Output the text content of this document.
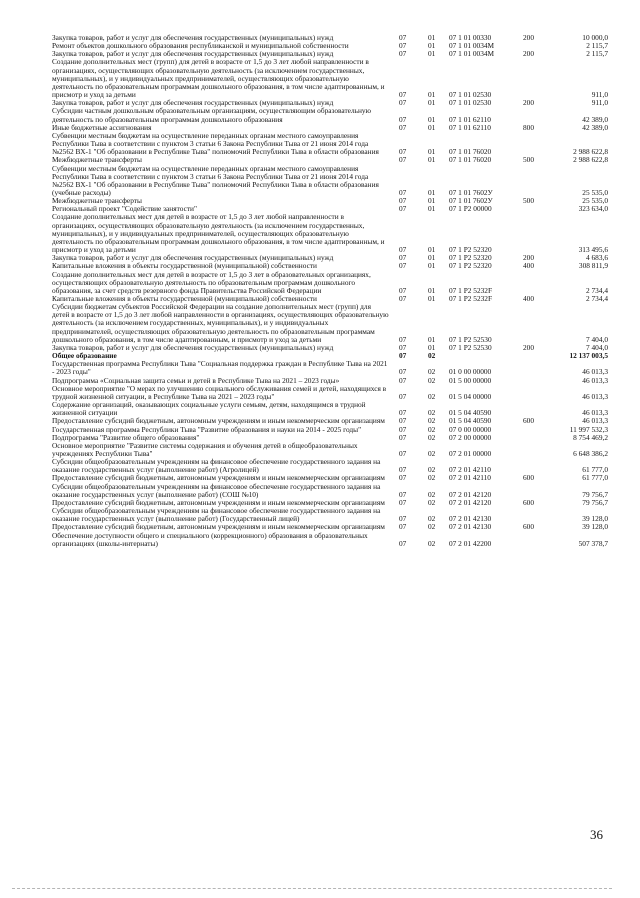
Закупка товаров, работ и услуг для обеспечения государственных (муниципальных) нужд	07	01 07 1 01 00330	200	10 000,0
Ремонт объектов дошкольного образования республиканской и муниципальной собственности	07	01 07 1 01 0034М	2 115,7
Закупка товаров, работ и услуг для обеспечения государственных (муниципальных) нужд	07	01 07 1 01 0034М	200	2 115,7
Создание дополнительных мест (групп) для детей в возрасте от 1,5 до 3 лет любой направленности в организациях, осуществляющих образовательную деятельность (за исключением государственных, муниципальных), и у индивидуальных предпринимателей, осуществляющих образовательную деятельность по образовательным программам дошкольного образования, в том числе адаптированным, и присмотр и уход за детьми	07	01 07 1 01 02530	911,0
Закупка товаров, работ и услуг для обеспечения государственных (муниципальных) нужд	07	01 07 1 01 02530	200	911,0
Субсидии частным дошкольным образовательным организациям, осуществляющим образовательную деятельность по образовательным программам дошкольного образования	07	01 07 1 01 62110	42 389,0
Иные бюджетные ассигнования	07	01 07 1 01 62110	800	42 389,0
Субвенции местным бюджетам на осуществление переданных органам местного самоуправления Республики Тыва в соответствии с пунктом 3 статьи 6 Закона Республики Тыва от 21 июня 2014 года №2562 ВХ-1 "Об образовании в Республике Тыва" полномочий Республики Тыва в области образования	07	01 07 1 01 76020	2 988 622,8
Межбюджетные трансферты	07	01 07 1 01 76020	500	2 988 622,8
Субвенции местным бюджетам на осуществление переданных органам местного самоуправления Республики Тыва в соответствии с пунктом 3 статьи 6 Закона Республики Тыва от 21 июня 2014 года №2562 ВХ-1 "Об образовании в Республике Тыва" полномочий Республики Тыва в области образования (учебные расходы)	07	01 07 1 01 7602У	25 535,0
Межбюджетные трансферты	07	01 07 1 01 7602У	500	25 535,0
Региональный проект "Содействие занятости"	07	01 07 1 P2 00000	323 634,0
Создание дополнительных мест для детей в возрасте от 1,5 до 3 лет любой направленности в организациях, осуществляющих образовательную деятельность (за исключением государственных, муниципальных), и у индивидуальных предпринимателей, осуществляющих образовательную деятельность по образовательным программам дошкольного образования, в том числе адаптированным, и присмотр и уход за детьми	07	01 07 1 P2 52320	313 495,6
Закупка товаров, работ и услуг для обеспечения государственных (муниципальных) нужд	07	01 07 1 P2 52320	200	4 683,6
Капитальные вложения в объекты государственной (муниципальной) собственности	07	01 07 1 P2 52320	400	308 811,9
Создание дополнительных мест для детей в возрасте от 1,5 до 3 лет в образовательных организациях, осуществляющих образовательную деятельность по образовательным программам дошкольного образования, за счет средств резервного фонда Правительства Российской Федерации	07	01 07 1 P2 5232F	2 734,4
Капитальные вложения в объекты государственной (муниципальной) собственности	07	01 07 1 P2 5232F	400	2 734,4
Субсидии бюджетам субъектов Российской Федерации на создание дополнительных мест (групп) для детей в возрасте от 1,5 до 3 лет любой направленности в организациях, осуществляющих образовательную деятельность (за исключением государственных, муниципальных), и у индивидуальных предпринимателей, осуществляющих образовательную деятельность по образовательным программам дошкольного образования, в том числе адаптированным, и присмотр и уход за детьми	07	01 07 1 P2 52530	7 404,0
Закупка товаров, работ и услуг для обеспечения государственных (муниципальных) нужд	07	01 07 1 P2 52530	200	7 404,0
Общее образование	07	02	12 137 003,5
Государственная программа Республики Тыва "Социальная поддержка граждан в Республике Тыва на 2021 - 2023 годы"	07	02 01 0 00 00000	46 013,3
Подпрограмма «Социальная защита семьи и детей в Республике Тыва на 2021 – 2023 годы»	07	02 01 5 00 00000	46 013,3
Основное мероприятие "О мерах по улучшению социального обслуживания семей и детей, находящихся в трудной жизненной ситуации, в Республике Тыва на 2021 – 2023 годы"	07	02 01 5 04 00000	46 013,3
Содержание организаций, оказывающих социальные услуги семьям, детям, находящимся в трудной жизненной ситуации	07	02 01 5 04 40590	46 013,3
Предоставление субсидий бюджетным, автономным учреждениям и иным некоммерческим организациям	07	02 01 5 04 40590	600	46 013,3
Государственная программа Республики Тыва "Развитие образования и науки на 2014 - 2025 годы"	07	02 07 0 00 00000	11 997 532,3
Подпрограмма "Развитие общего образования"	07	02 07 2 00 00000	8 754 469,2
Основное мероприятие "Развитие системы содержания и обучения детей в общеобразовательных учреждениях Республики Тыва"	07	02 07 2 01 00000	6 648 386,2
Субсидии общеобразовательным учреждениям на финансовое обеспечение государственного задания на оказание государственных услуг (выполнение работ) (Агролицей)	07	02 07 2 01 42110	61 777,0
Предоставление субсидий бюджетным, автономным учреждениям и иным некоммерческим организациям	07	02 07 2 01 42110	600	61 777,0
Субсидии общеобразовательным учреждениям на финансовое обеспечение государственного задания на оказание государственных услуг (выполнение работ) (СОШ №10)	07	02 07 2 01 42120	79 756,7
Предоставление субсидий бюджетным, автономным учреждениям и иным некоммерческим организациям	07	02 07 2 01 42120	600	79 756,7
Субсидии общеобразовательным учреждениям на финансовое обеспечение государственного задания на оказание государственных услуг (выполнение работ) (Государственный лицей)	07	02 07 2 01 42130	39 128,0
Предоставление субсидий бюджетным, автономным учреждениям и иным некоммерческим организациям	07	02 07 2 01 42130	600	39 128,0
Обеспечение доступности общего и специального (коррекционного) образования в образовательных организациях (школы-интернаты)	07	02 07 2 01 42200	507 378,7
36
